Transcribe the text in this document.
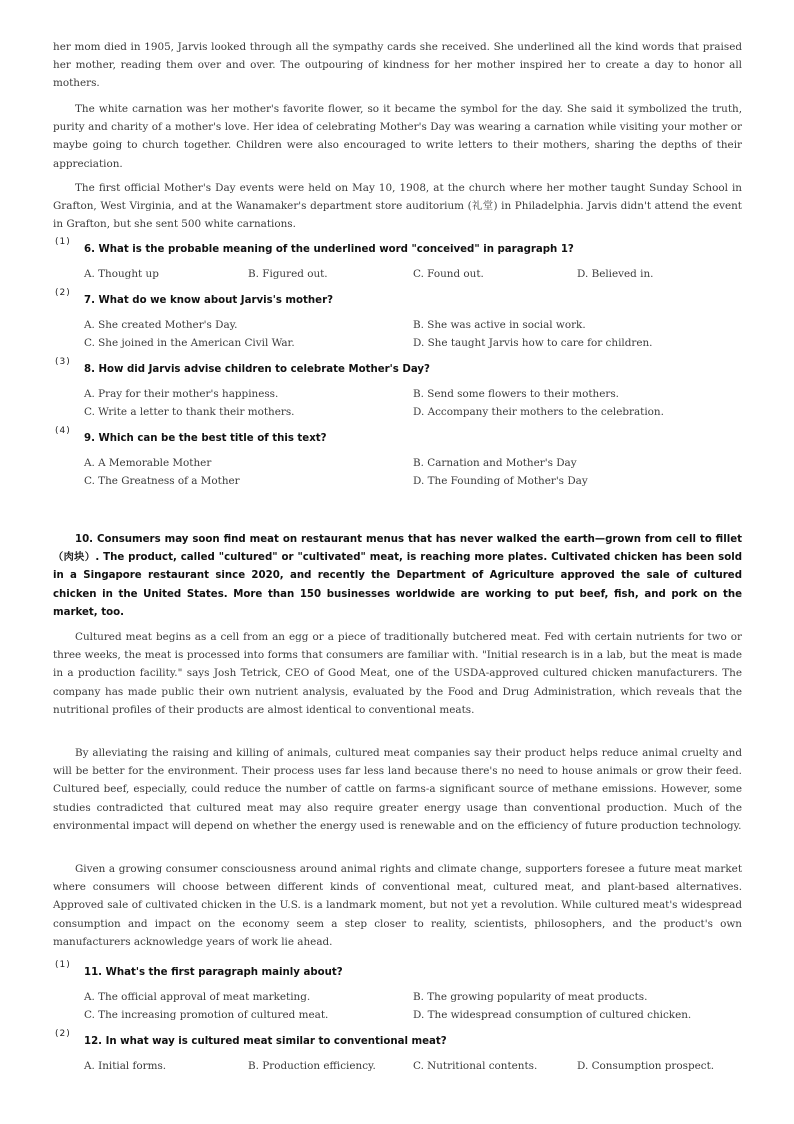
her mom died in 1905, Jarvis looked through all the sympathy cards she received. She underlined all the kind words that praised her mother, reading them over and over. The outpouring of kindness for her mother inspired her to create a day to honor all mothers.

The white carnation was her mother's favorite flower, so it became the symbol for the day. She said it symbolized the truth, purity and charity of a mother's love. Her idea of celebrating Mother's Day was wearing a carnation while visiting your mother or maybe going to church together. Children were also encouraged to write letters to their mothers, sharing the depths of their appreciation.

The first official Mother's Day events were held on May 10, 1908, at the church where her mother taught Sunday School in Grafton, West Virginia, and at the Wanamaker's department store auditorium (礼堂) in Philadelphia. Jarvis didn't attend the event in Grafton, but she sent 500 white carnations.

(1)
6. What is the probable meaning of the underlined word "conceived" in paragraph 1?
A. Thought up	B. Figured out.	C. Found out.	D. Believed in.
(2)
7. What do we know about Jarvis's mother?
A. She created Mother's Day.	B. She was active in social work.
C. She joined in the American Civil War.	D. She taught Jarvis how to care for children.
(3)
8. How did Jarvis advise children to celebrate Mother's Day?
A. Pray for their mother's happiness.	B. Send some flowers to their mothers.
C. Write a letter to thank their mothers.	D. Accompany their mothers to the celebration.
(4)
9. Which can be the best title of this text?
A. A Memorable Mother	B. Carnation and Mother's Day
C. The Greatness of a Mother	D. The Founding of Mother's Day

10. Consumers may soon find meat on restaurant menus that has never walked the earth—grown from cell to fillet （肉块）. The product, called "cultured" or "cultivated" meat, is reaching more plates. Cultivated chicken has been sold in a Singapore restaurant since 2020, and recently the Department of Agriculture approved the sale of cultured chicken in the United States. More than 150 businesses worldwide are working to put beef, fish, and pork on the market, too.

Cultured meat begins as a cell from an egg or a piece of traditionally butchered meat. Fed with certain nutrients for two or three weeks, the meat is processed into forms that consumers are familiar with. "Initial research is in a lab, but the meat is made in a production facility." says Josh Tetrick, CEO of Good Meat, one of the USDA-approved cultured chicken manufacturers. The company has made public their own nutrient analysis, evaluated by the Food and Drug Administration, which reveals that the nutritional profiles of their products are almost identical to conventional meats.

By alleviating the raising and killing of animals, cultured meat companies say their product helps reduce animal cruelty and will be better for the environment. Their process uses far less land because there's no need to house animals or grow their feed. Cultured beef, especially, could reduce the number of cattle on farms-a significant source of methane emissions. However, some studies contradicted that cultured meat may also require greater energy usage than conventional production. Much of the environmental impact will depend on whether the energy used is renewable and on the efficiency of future production technology.

Given a growing consumer consciousness around animal rights and climate change, supporters foresee a future meat market where consumers will choose between different kinds of conventional meat, cultured meat, and plant-based alternatives. Approved sale of cultivated chicken in the U.S. is a landmark moment, but not yet a revolution. While cultured meat's widespread consumption and impact on the economy seem a step closer to reality, scientists, philosophers, and the product's own manufacturers acknowledge years of work lie ahead.

(1)
11. What's the first paragraph mainly about?
A. The official approval of meat marketing.	B. The growing popularity of meat products.
C. The increasing promotion of cultured meat.	D. The widespread consumption of cultured chicken.
(2)
12. In what way is cultured meat similar to conventional meat?
A. Initial forms.	B. Production efficiency.	C. Nutritional contents.	D. Consumption prospect.
